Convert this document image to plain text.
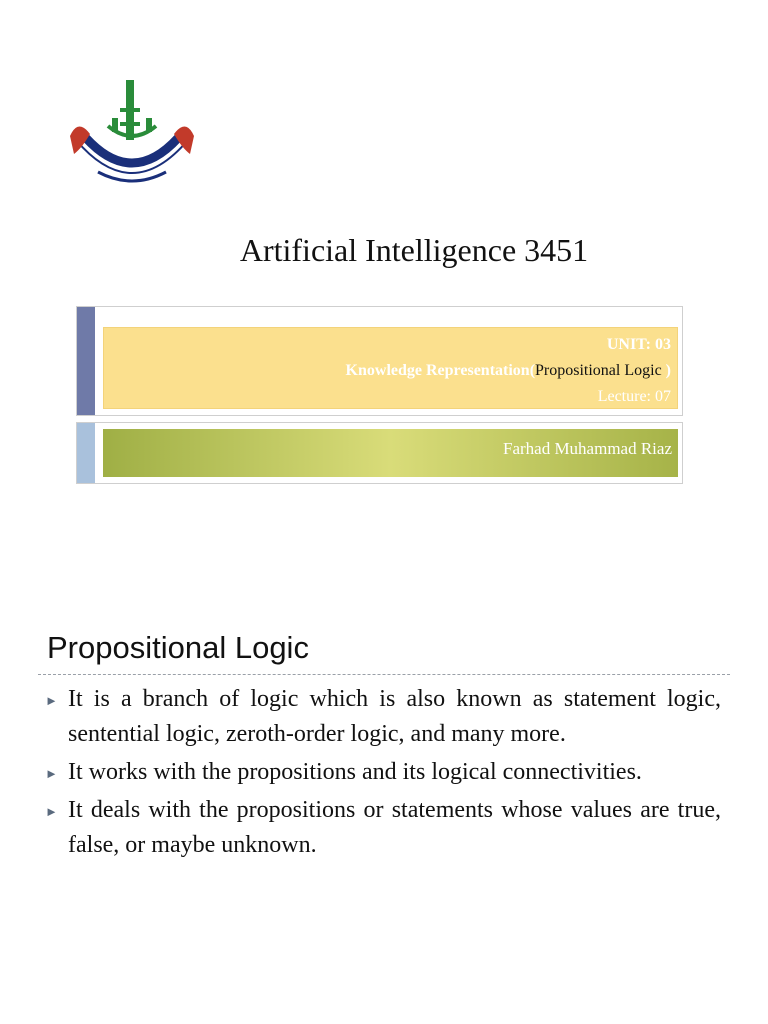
Artificial Intelligence 3451
UNIT: 03
Knowledge Representation(Propositional Logic )
Lecture: 07
Farhad Muhammad Riaz
Propositional Logic
► It is a branch of logic which is also known as statement logic, sentential logic, zeroth-order logic, and many more.
► It works with the propositions and its logical connectivities.
► It deals with the propositions or statements whose values are true, false, or maybe unknown.
